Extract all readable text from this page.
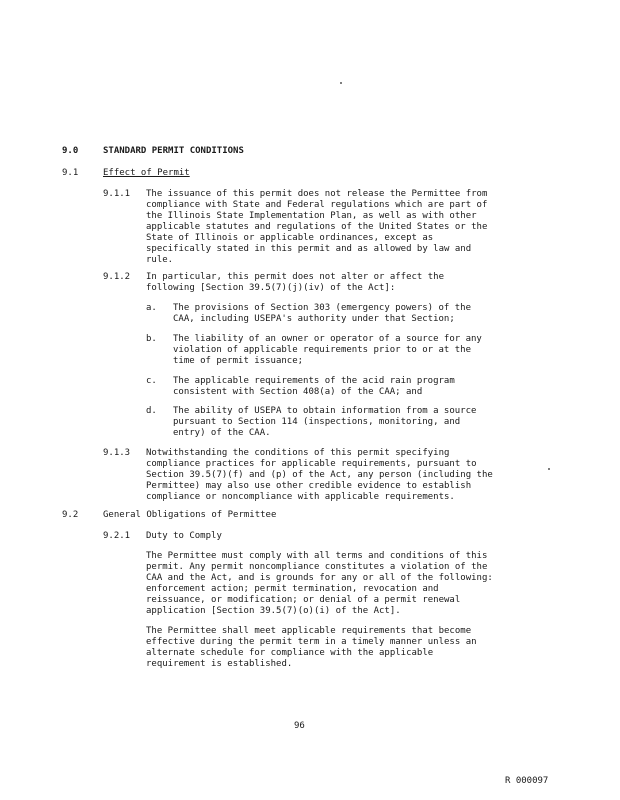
9.0	STANDARD PERMIT CONDITIONS
9.1	Effect of Permit
9.1.1 The issuance of this permit does not release the Permittee from
compliance with State and Federal regulations which are part of
the Illinois State Implementation Plan, as well as with other
applicable statutes and regulations of the United States or the
State of Illinois or applicable ordinances, except as
specifically stated in this permit and as allowed by law and
rule.
9.1.2 In particular, this permit does not alter or affect the
following [Section 39.5(7)(j)(iv) of the Act]:
a. The provisions of Section 303 (emergency powers) of the
CAA, including USEPA's authority under that Section;
b. The liability of an owner or operator of a source for any
violation of applicable requirements prior to or at the
time of permit issuance;
c. The applicable requirements of the acid rain program
consistent with Section 408(a) of the CAA; and
d. The ability of USEPA to obtain information from a source
pursuant to Section 114 (inspections, monitoring, and
entry) of the CAA.
9.1.3 Notwithstanding the conditions of this permit specifying
compliance practices for applicable requirements, pursuant to
Section 39.5(7)(f) and (p) of the Act, any person (including the
Permittee) may also use other credible evidence to establish
compliance or noncompliance with applicable requirements.
9.2	General Obligations of Permittee
9.2.1 Duty to Comply
The Permittee must comply with all terms and conditions of this
permit. Any permit noncompliance constitutes a violation of the
CAA and the Act, and is grounds for any or all of the following:
enforcement action; permit termination, revocation and
reissuance, or modification; or denial of a permit renewal
application [Section 39.5(7)(o)(i) of the Act].
The Permittee shall meet applicable requirements that become
effective during the permit term in a timely manner unless an
alternate schedule for compliance with the applicable
requirement is established.
96
R 000097
